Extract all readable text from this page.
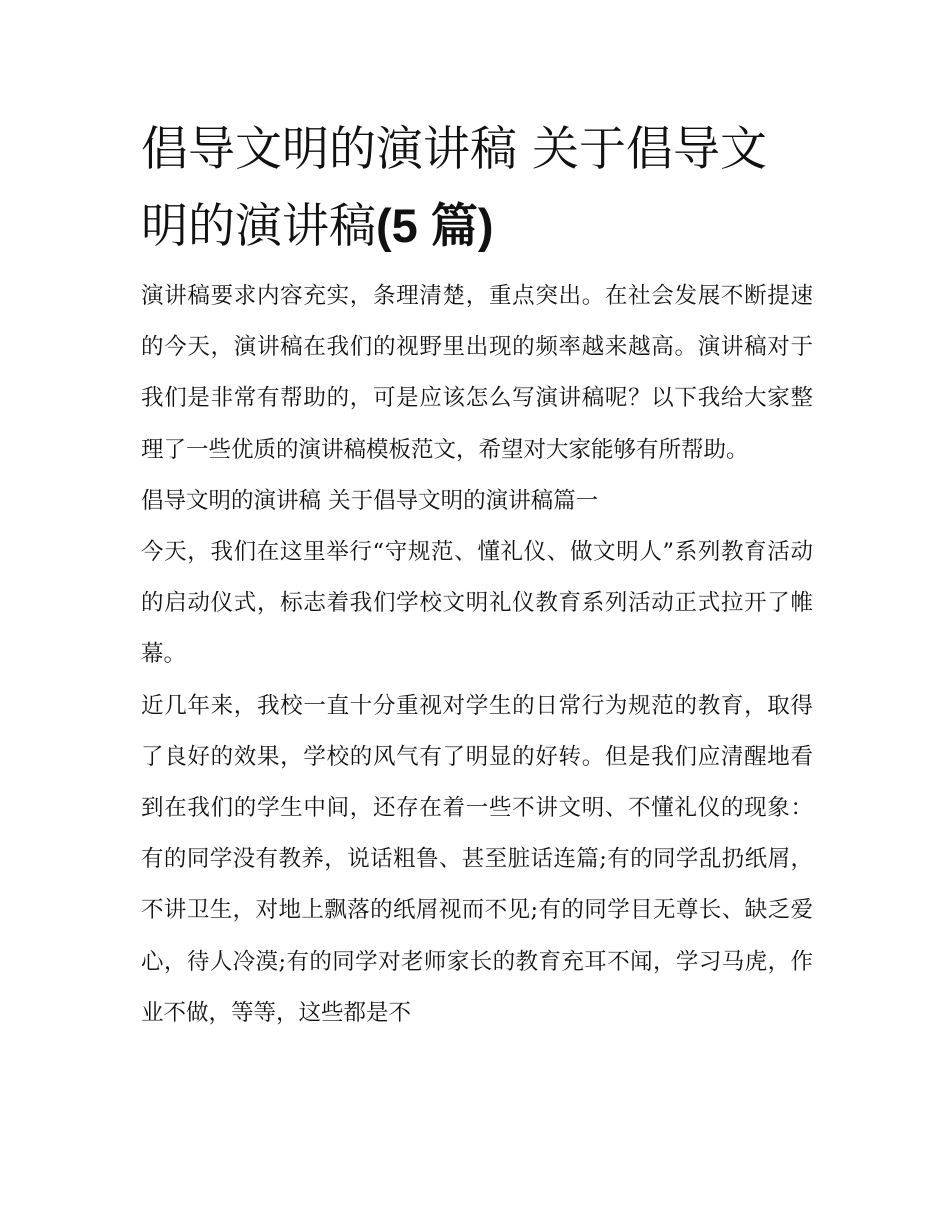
倡导文明的演讲稿 关于倡导文
明的演讲稿(5 篇)

演讲稿要求内容充实，条理清楚，重点突出。在社会发展不断提速的今天，演讲稿在我们的视野里出现的频率越来越高。演讲稿对于我们是非常有帮助的，可是应该怎么写演讲稿呢？以下我给大家整理了一些优质的演讲稿模板范文，希望对大家能够有所帮助。

倡导文明的演讲稿 关于倡导文明的演讲稿篇一

今天，我们在这里举行“守规范、懂礼仪、做文明人”系列教育活动的启动仪式，标志着我们学校文明礼仪教育系列活动正式拉开了帷幕。

近几年来，我校一直十分重视对学生的日常行为规范的教育，取得了良好的效果，学校的风气有了明显的好转。但是我们应清醒地看到在我们的学生中间，还存在着一些不讲文明、不懂礼仪的现象：有的同学没有教养，说话粗鲁、甚至脏话连篇;有的同学乱扔纸屑，不讲卫生，对地上飘落的纸屑视而不见;有的同学目无尊长、缺乏爱心，待人冷漠;有的同学对老师家长的教育充耳不闻，学习马虎，作业不做，等等，这些都是不
